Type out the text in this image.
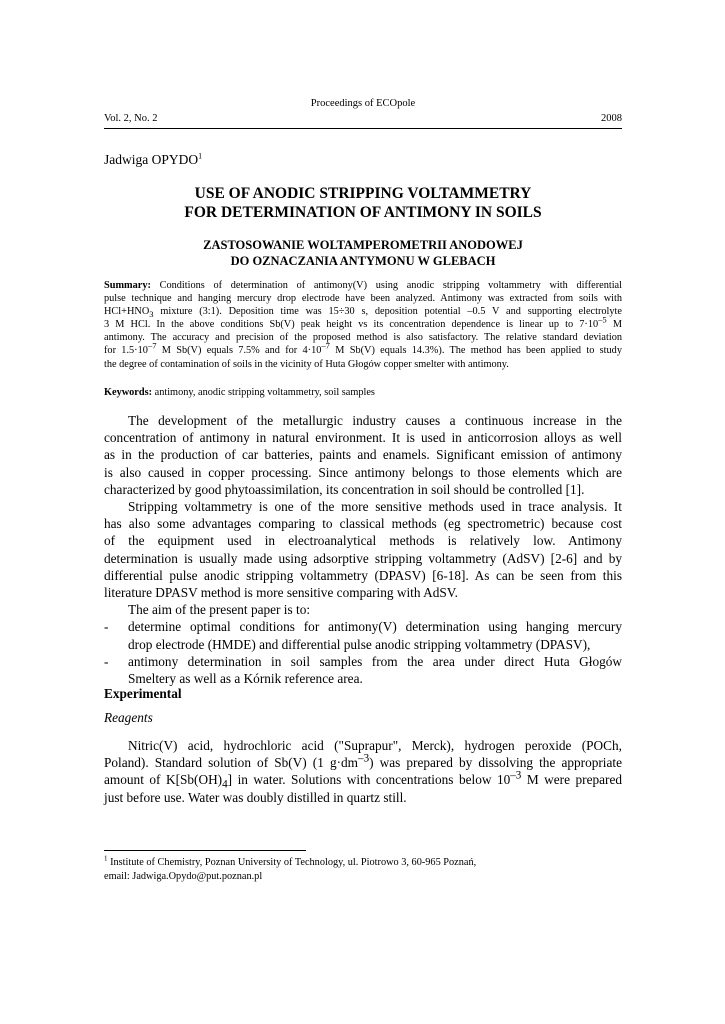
Proceedings of ECOpole
Vol. 2, No. 2	2008
Jadwiga OPYDO$^1$
USE OF ANODIC STRIPPING VOLTAMMETRY
FOR DETERMINATION OF ANTIMONY IN SOILS
ZASTOSOWANIE WOLTAMPEROMETRII ANODOWEJ
DO OZNACZANIA ANTYMONU W GLEBACH
Summary: Conditions of determination of antimony(V) using anodic stripping voltammetry with differential
pulse technique and hanging mercury drop electrode have been analyzed. Antimony was extracted from soils with
$HCl+HNO_3$ mixture (3:1). Deposition time was 15÷30 s, deposition potential –0.5 V and supporting electrolyte
3 M HCl. In the above conditions Sb(V) peak height vs its concentration dependence is linear up to $7\cdot 10^{-5}$ M
antimony. The accuracy and precision of the proposed method is also satisfactory. The relative standard deviation
for $1.5\cdot 10^{-7}$ M Sb(V) equals 7.5% and for $4\cdot 10^{-7}$ M Sb(V) equals 14.3%). The method has been applied to study
the degree of contamination of soils in the vicinity of Huta Głogów copper smelter with antimony.
Keywords: antimony, anodic stripping voltammetry, soil samples
The development of the metallurgic industry causes a continuous increase in the
concentration of antimony in natural environment. It is used in anticorrosion alloys as well
as in the production of car batteries, paints and enamels. Significant emission of antimony
is also caused in copper processing. Since antimony belongs to those elements which are
characterized by good phytoassimilation, its concentration in soil should be controlled [1].
Stripping voltammetry is one of the more sensitive methods used in trace analysis. It
has also some advantages comparing to classical methods (eg spectrometric) because cost
of the equipment used in electroanalytical methods is relatively low. Antimony
determination is usually made using adsorptive stripping voltammetry (AdSV) [2-6] and by
differential pulse anodic stripping voltammetry (DPASV) [6-18]. As can be seen from this
literature DPASV method is more sensitive comparing with AdSV.
The aim of the present paper is to:
- determine optimal conditions for antimony(V) determination using hanging mercury
drop electrode (HMDE) and differential pulse anodic stripping voltammetry (DPASV),
- antimony determination in soil samples from the area under direct Huta Głogów
Smeltery as well as a Kórnik reference area.
Experimental
Reagents
Nitric(V) acid, hydrochloric acid ("Suprapur", Merck), hydrogen peroxide (POCh,
Poland). Standard solution of Sb(V) (1 $g\cdot dm^{-3}$) was prepared by dissolving the appropriate
amount of $K[Sb(OH)_4]$ in water. Solutions with concentrations below $10^{-3}$ M were prepared
just before use. Water was doubly distilled in quartz still.
$^1$ Institute of Chemistry, Poznan University of Technology, ul. Piotrowo 3, 60-965 Poznań,
email: Jadwiga.Opydo@put.poznan.pl
